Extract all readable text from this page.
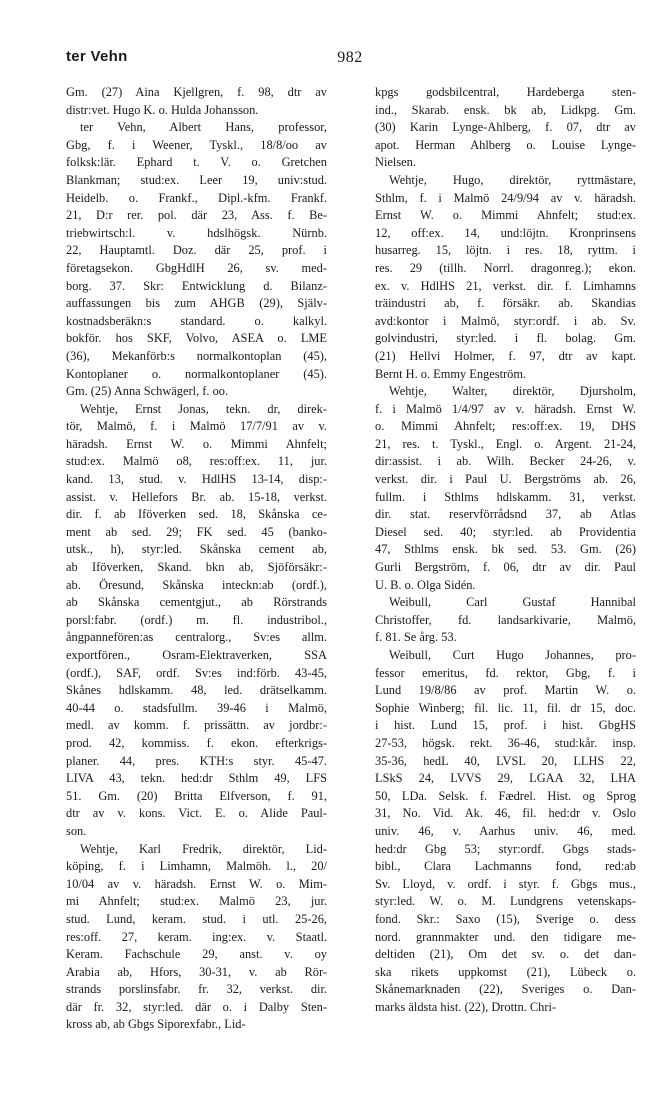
ter Vehn	982
Gm. (27) Aina Kjellgren, f. 98, dtr av
distr:vet. Hugo K. o. Hulda Johansson.
ter Vehn, Albert Hans, professor,
Gbg, f. i Weener, Tyskl., 18/8/oo av
folksk:lär. Ephard t. V. o. Gretchen
Blankman; stud:ex. Leer 19, univ:stud.
Heidelb. o. Frankf., Dipl.-kfm. Frankf.
21, D:r rer. pol. där 23, Ass. f. Be-
triebwirtsch:l. v. hdslhögsk. Nürnb.
22, Hauptamtl. Doz. där 25, prof. i
företagsekon. GbgHdlH 26, sv. med-
borg. 37. Skr: Entwicklung d. Bilanz-
auffassungen bis zum AHGB (29), Själv-
kostnadsberäkn:s standard. o. kalkyl.
bokför. hos SKF, Volvo, ASEA o. LME
(36), Mekanförb:s normalkontoplan (45),
Kontoplaner o. normalkontoplaner (45).
Gm. (25) Anna Schwägerl, f. oo.
Wehtje, Ernst Jonas, tekn. dr, direk-
tör, Malmö, f. i Malmö 17/7/91 av v.
häradsh. Ernst W. o. Mimmi Ahnfelt;
stud:ex. Malmö o8, res:off:ex. 11, jur.
kand. 13, stud. v. HdlHS 13-14, disp:-
assist. v. Hellefors Br. ab. 15-18, verkst.
dir. f. ab Iföverken sed. 18, Skånska ce-
ment ab sed. 29; FK sed. 45 (banko-
utsk., h), styr:led. Skånska cement ab,
ab Iföverken, Skand. bkn ab, Sjöförsäkr:-
ab. Öresund, Skånska inteckn:ab (ordf.),
ab Skånska cementgjut., ab Rörstrands
porsl:fabr. (ordf.) m. fl. industribol.,
ångpannefören:as centralorg., Sv:es allm.
exportfören., Osram-Elektraverken, SSA
(ordf.), SAF, ordf. Sv:es ind:förb. 43-45,
Skånes hdlskamm. 48, led. drätselkamm.
40-44 o. stadsfullm. 39-46 i Malmö,
medl. av komm. f. prissättn. av jordbr:-
prod. 42, kommiss. f. ekon. efterkrigs-
planer. 44, pres. KTH:s styr. 45-47.
LIVA 43, tekn. hed:dr Sthlm 49, LFS
51. Gm. (20) Britta Elfverson, f. 91,
dtr av v. kons. Vict. E. o. Alide Paul-
son.
Wehtje, Karl Fredrik, direktör, Lid-
köping, f. i Limhamn, Malmöh. l., 20/
10/04 av v. häradsh. Ernst W. o. Mim-
mi Ahnfelt; stud:ex. Malmö 23, jur.
stud. Lund, keram. stud. i utl. 25-26,
res:off. 27, keram. ing:ex. v. Staatl.
Keram. Fachschule 29, anst. v. oy
Arabia ab, Hfors, 30-31, v. ab Rör-
strands porslinsfabr. fr. 32, verkst. dir.
där fr. 32, styr:led. där o. i Dalby Sten-
kross ab, ab Gbgs Siporexfabr., Lid-
kpgs godsbilcentral, Hardeberga sten-
ind., Skarab. ensk. bk ab, Lidkpg. Gm.
(30) Karin Lynge-Ahlberg, f. 07, dtr av
apot. Herman Ahlberg o. Louise Lynge-
Nielsen.
Wehtje, Hugo, direktör, ryttmästare,
Sthlm, f. i Malmö 24/9/94 av v. häradsh.
Ernst W. o. Mimmi Ahnfelt; stud:ex.
12, off:ex. 14, und:löjtn. Kronprinsens
husarreg. 15, löjtn. i res. 18, ryttm. i
res. 29 (tillh. Norrl. dragonreg.); ekon.
ex. v. HdlHS 21, verkst. dir. f. Limhamns
träindustri ab, f. försäkr. ab. Skandias
avd:kontor i Malmö, styr:ordf. i ab. Sv.
golvindustri, styr:led. i fl. bolag. Gm.
(21) Hellvi Holmer, f. 97, dtr av kapt.
Bernt H. o. Emmy Engeström.
Wehtje, Walter, direktör, Djursholm,
f. i Malmö 1/4/97 av v. häradsh. Ernst W.
o. Mimmi Ahnfelt; res:off:ex. 19, DHS
21, res. t. Tyskl., Engl. o. Argent. 21-24,
dir:assist. i ab. Wilh. Becker 24-26, v.
verkst. dir. i Paul U. Bergströms ab. 26,
fullm. i Sthlms hdlskamm. 31, verkst.
dir. stat. reservförrådsnd 37, ab Atlas
Diesel sed. 40; styr:led. ab Providentia
47, Sthlms ensk. bk sed. 53. Gm. (26)
Gurli Bergström, f. 06, dtr av dir. Paul
U. B. o. Olga Sidén.
Weibull, Carl Gustaf Hannibal
Christoffer, fd. landsarkivarie, Malmö,
f. 81. Se årg. 53.
Weibull, Curt Hugo Johannes, pro-
fessor emeritus, fd. rektor, Gbg, f. i
Lund 19/8/86 av prof. Martin W. o.
Sophie Winberg; fil. lic. 11, fil. dr 15, doc.
i hist. Lund 15, prof. i hist. GbgHS
27-53, högsk. rekt. 36-46, stud:kår. insp.
35-36, hedL 40, LVSL 20, LLHS 22,
LSkS 24, LVVS 29, LGAA 32, LHA
50, LDa. Selsk. f. Fædrel. Hist. og Sprog
31, No. Vid. Ak. 46, fil. hed:dr v. Oslo
univ. 46, v. Aarhus univ. 46, med.
hed:dr Gbg 53; styr:ordf. Gbgs stads-
bibl., Clara Lachmanns fond, red:ab
Sv. Lloyd, v. ordf. i styr. f. Gbgs mus.,
styr:led. W. o. M. Lundgrens vetenskaps-
fond. Skr.: Saxo (15), Sverige o. dess
nord. grannmakter und. den tidigare me-
deltiden (21), Om det sv. o. det dan-
ska rikets uppkomst (21), Lübeck o.
Skånemarknaden (22), Sveriges o. Dan-
marks äldsta hist. (22), Drottn. Chri-
